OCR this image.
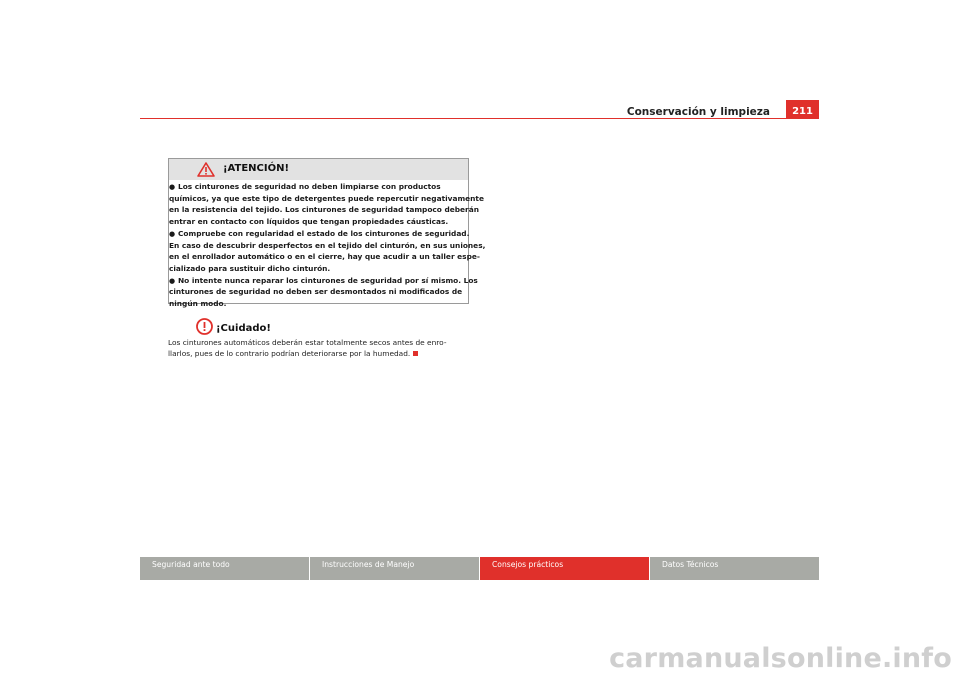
Conservación y limpieza	211
¡ATENCIÓN!
● Los cinturones de seguridad no deben limpiarse con productos
químicos, ya que este tipo de detergentes puede repercutir negativamente
en la resistencia del tejido. Los cinturones de seguridad tampoco deberán
entrar en contacto con líquidos que tengan propiedades cáusticas.
● Compruebe con regularidad el estado de los cinturones de seguridad.
En caso de descubrir desperfectos en el tejido del cinturón, en sus uniones,
en el enrollador automático o en el cierre, hay que acudir a un taller espe-
cializado para sustituir dicho cinturón.
● No intente nunca reparar los cinturones de seguridad por sí mismo. Los
cinturones de seguridad no deben ser desmontados ni modificados de
ningún modo.
¡Cuidado!
Los cinturones automáticos deberán estar totalmente secos antes de enro-
llarlos, pues de lo contrario podrían deteriorarse por la humedad.
Seguridad ante todo	Instrucciones de Manejo	Consejos prácticos	Datos Técnicos
carmanualsonline.info
